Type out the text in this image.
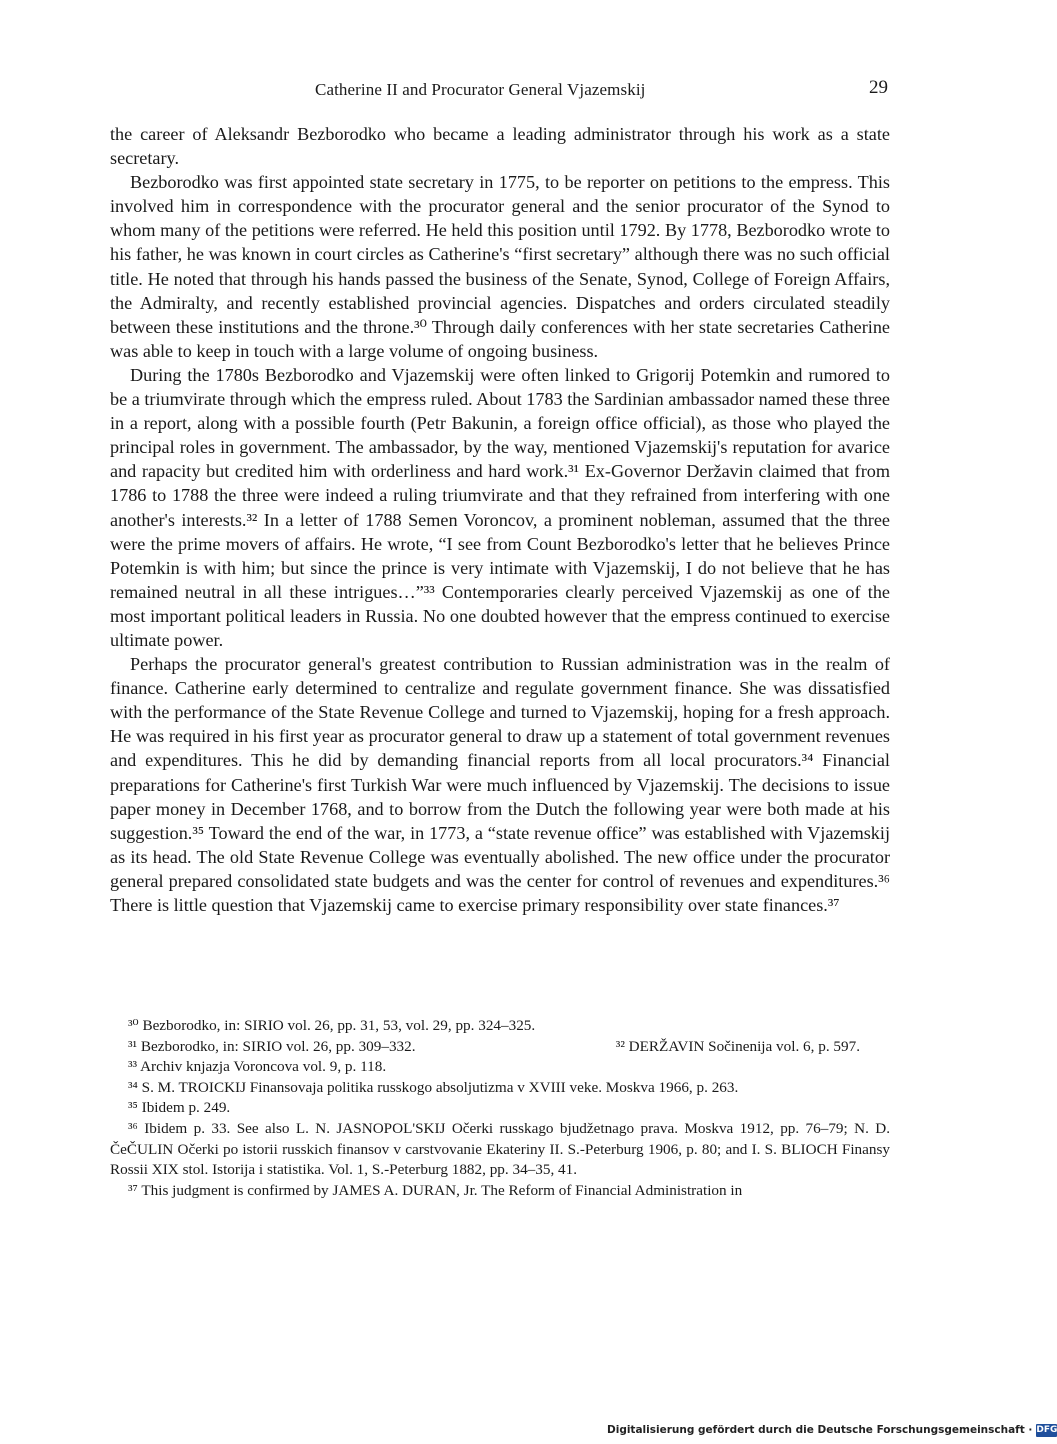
Catherine II and Procurator General Vjazemskij	29

the career of Aleksandr Bezborodko who became a leading administrator through his work as a state secretary.

Bezborodko was first appointed state secretary in 1775, to be reporter on petitions to the empress. This involved him in correspondence with the procurator general and the senior procurator of the Synod to whom many of the petitions were referred. He held this position until 1792. By 1778, Bezborodko wrote to his father, he was known in court circles as Catherine's “first secretary” although there was no such official title. He noted that through his hands passed the business of the Senate, Synod, College of Foreign Affairs, the Admiralty, and recently established provincial agencies. Dispatches and orders circulated steadily between these institutions and the throne.³⁰ Through daily conferences with her state secretaries Catherine was able to keep in touch with a large volume of ongoing business.

During the 1780s Bezborodko and Vjazemskij were often linked to Grigorij Potemkin and rumored to be a triumvirate through which the empress ruled. About 1783 the Sardinian ambassador named these three in a report, along with a possible fourth (Petr Bakunin, a foreign office official), as those who played the principal roles in government. The ambassador, by the way, mentioned Vjazemskij's reputation for avarice and rapacity but credited him with orderliness and hard work.³¹ Ex-Governor Deržavin claimed that from 1786 to 1788 the three were indeed a ruling triumvirate and that they refrained from interfering with one another's interests.³² In a letter of 1788 Semen Voroncov, a prominent nobleman, assumed that the three were the prime movers of affairs. He wrote, “I see from Count Bezborodko's letter that he believes Prince Potemkin is with him; but since the prince is very intimate with Vjazemskij, I do not believe that he has remained neutral in all these intrigues…”³³ Contemporaries clearly perceived Vjazemskij as one of the most important political leaders in Russia. No one doubted however that the empress continued to exercise ultimate power.

Perhaps the procurator general's greatest contribution to Russian administration was in the realm of finance. Catherine early determined to centralize and regulate government finance. She was dissatisfied with the performance of the State Revenue College and turned to Vjazemskij, hoping for a fresh approach. He was required in his first year as procurator general to draw up a statement of total government revenues and expenditures. This he did by demanding financial reports from all local procurators.³⁴ Financial preparations for Catherine's first Turkish War were much influenced by Vjazemskij. The decisions to issue paper money in December 1768, and to borrow from the Dutch the following year were both made at his suggestion.³⁵ Toward the end of the war, in 1773, a “state revenue office” was established with Vjazemskij as its head. The old State Revenue College was eventually abolished. The new office under the procurator general prepared consolidated state budgets and was the center for control of revenues and expenditures.³⁶ There is little question that Vjazemskij came to exercise primary responsibility over state finances.³⁷

³⁰ Bezborodko, in: SIRIO vol. 26, pp. 31, 53, vol. 29, pp. 324–325.

³¹ Bezborodko, in: SIRIO vol. 26, pp. 309–332.	³² DERŽAVIN Sočinenija vol. 6, p. 597.

³³ Archiv knjazja Voroncova vol. 9, p. 118.

³⁴ S. M. TROICKIJ Finansovaja politika russkogo absoljutizma v XVIII veke. Moskva 1966, p. 263.

³⁵ Ibidem p. 249.

³⁶ Ibidem p. 33. See also L. N. JASNOPOL'SKIJ Očerki russkago bjudžetnago prava. Moskva 1912, pp. 76–79; N. D. ČeČULIN Očerki po istorii russkich finansov v carstvovanie Ekateriny II. S.-Peterburg 1906, p. 80; and I. S. BLIOCH Finansy Rossii XIX stol. Istorija i statistika. Vol. 1, S.-Peterburg 1882, pp. 34–35, 41.

³⁷ This judgment is confirmed by JAMES A. DURAN, Jr. The Reform of Financial Administration in

Digitalisierung gefördert durch die Deutsche Forschungsgemeinschaft · DFG
